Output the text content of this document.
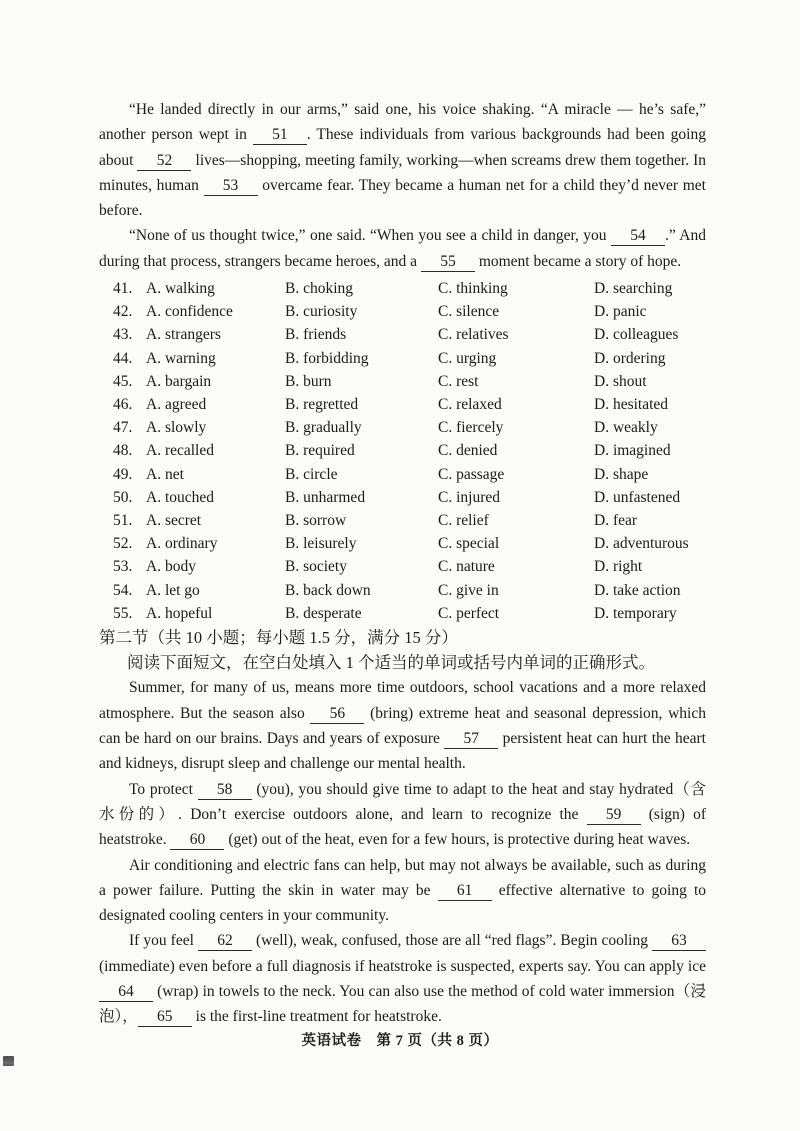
“He landed directly in our arms,” said one, his voice shaking. “A miracle — he’s safe,” another person wept in 51 . These individuals from various backgrounds had been going about 52 lives—shopping, meeting family, working—when screams drew them together. In minutes, human 53 overcame fear. They became a human net for a child they’d never met before.

“None of us thought twice,” one said. “When you see a child in danger, you 54 .” And during that process, strangers became heroes, and a 55 moment became a story of hope.

41. A. walking	B. choking	C. thinking	D. searching
42. A. confidence	B. curiosity	C. silence	D. panic
43. A. strangers	B. friends	C. relatives	D. colleagues
44. A. warning	B. forbidding	C. urging	D. ordering
45. A. bargain	B. burn	C. rest	D. shout
46. A. agreed	B. regretted	C. relaxed	D. hesitated
47. A. slowly	B. gradually	C. fiercely	D. weakly
48. A. recalled	B. required	C. denied	D. imagined
49. A. net	B. circle	C. passage	D. shape
50. A. touched	B. unharmed	C. injured	D. unfastened
51. A. secret	B. sorrow	C. relief	D. fear
52. A. ordinary	B. leisurely	C. special	D. adventurous
53. A. body	B. society	C. nature	D. right
54. A. let go	B. back down	C. give in	D. take action
55. A. hopeful	B. desperate	C. perfect	D. temporary

第二节（共 10 小题；每小题 1.5 分，满分 15 分）

阅读下面短文，在空白处填入 1 个适当的单词或括号内单词的正确形式。

Summer, for many of us, means more time outdoors, school vacations and a more relaxed atmosphere. But the season also 56 (bring) extreme heat and seasonal depression, which can be hard on our brains. Days and years of exposure 57 persistent heat can hurt the heart and kidneys, disrupt sleep and challenge our mental health.

To protect 58 (you), you should give time to adapt to the heat and stay hydrated（含水份的）. Don’t exercise outdoors alone, and learn to recognize the 59 (sign) of heatstroke. 60 (get) out of the heat, even for a few hours, is protective during heat waves.

Air conditioning and electric fans can help, but may not always be available, such as during a power failure. Putting the skin in water may be 61 effective alternative to going to designated cooling centers in your community.

If you feel 62 (well), weak, confused, those are all “red flags”. Begin cooling 63 (immediate) even before a full diagnosis if heatstroke is suspected, experts say. You can apply ice 64 (wrap) in towels to the neck. You can also use the method of cold water immersion（浸泡）， 65 is the first-line treatment for heatstroke.

英语试卷　第 7 页（共 8 页）
